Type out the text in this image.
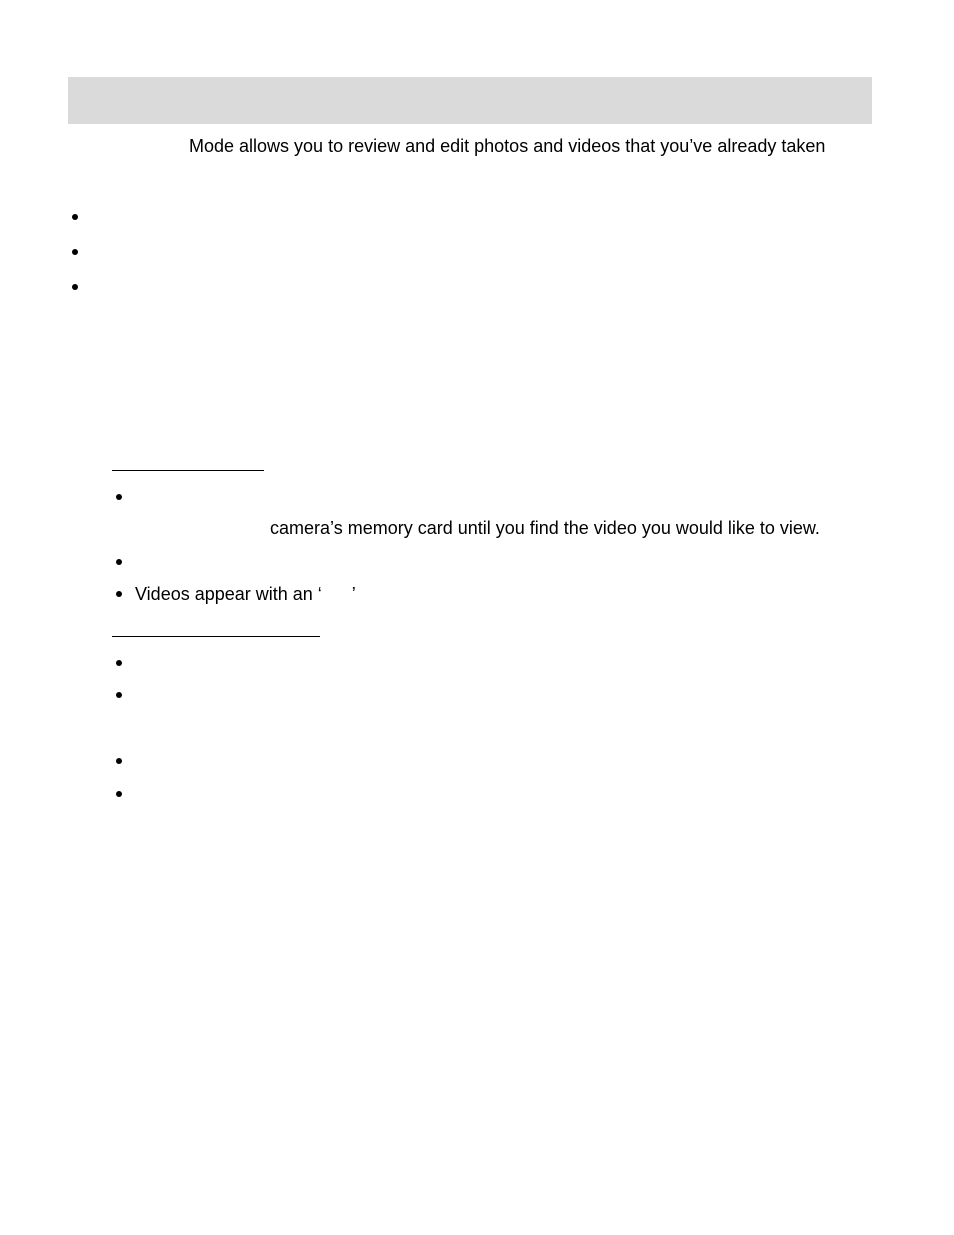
Mode allows you to review and edit photos and videos that you’ve already taken
camera’s memory card until you find the video you would like to view.
Videos appear with an ‘ ’
